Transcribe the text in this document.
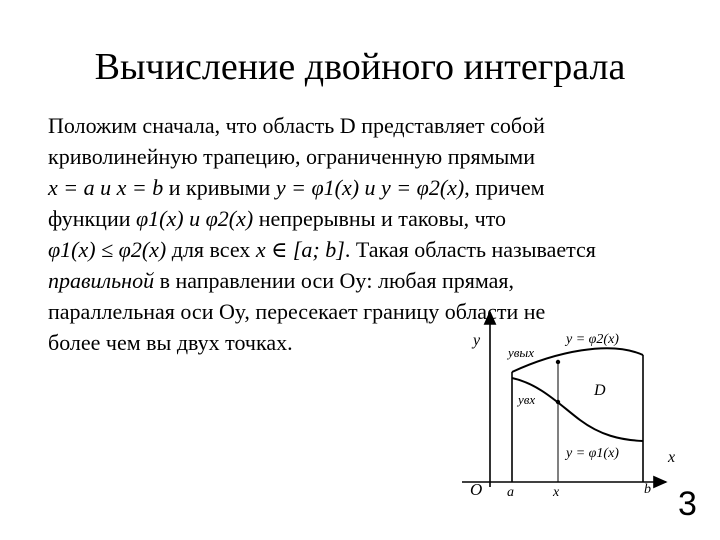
Вычисление двойного интеграла
Положим сначала, что область D представляет собой
криволинейную трапецию, ограниченную прямыми
x = a и x = b и кривыми y = φ1(x) и y = φ2(x), причем
функции φ1(x) и φ2(x) непрерывны и таковы, что
φ1(x) ≤ φ2(x) для всех x ∈ [a; b]. Такая область называется
правильной в направлении оси Oy: любая прямая,
параллельная оси Oy, пересекает границу области не
более чем вы двух точках.	y
O
x
a	x	b
yвых
yвх
D
y = φ2(x)
y = φ1(x)
3
